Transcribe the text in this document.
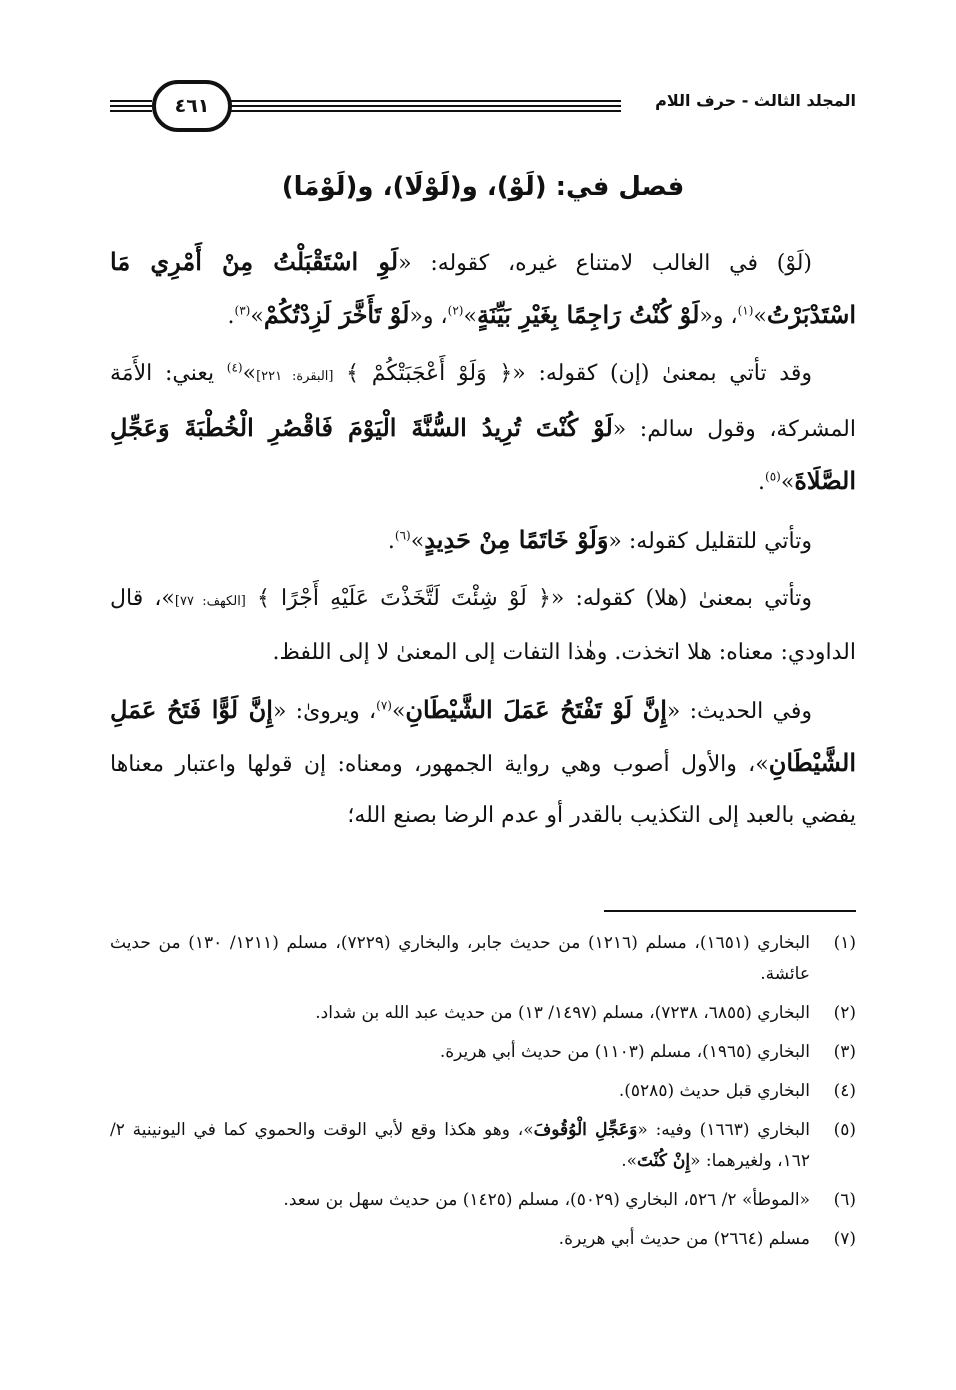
المجلد الثالث - حرف اللام
٤٦١
فصل في: (لَوْ)، و(لَوْلَا)، و(لَوْمَا)

(لَوْ) في الغالب لامتناع غيره، كقوله: «لَوِ اسْتَقْبَلْتُ مِنْ أَمْرِي مَا اسْتَدْبَرْتُ»$^{(١)}$، و«لَوْ كُنْتُ رَاجِمًا بِغَيْرِ بَيِّنَةٍ»$^{(٢)}$، و«لَوْ تَأَخَّرَ لَزِدْتُكُمْ»$^{(٣)}$.

وقد تأتي بمعنىٰ (إن) كقوله: «﴿ وَلَوْ أَعْجَبَتْكُمْ ﴾ [البقرة: ٢٢١]»$^{(٤)}$ يعني: الأَمَة المشركة، وقول سالم: «لَوْ كُنْتَ تُرِيدُ السُّنَّةَ الْيَوْمَ فَاقْصُرِ الْخُطْبَةَ وَعَجِّلِ الصَّلَاةَ»$^{(٥)}$.

وتأتي للتقليل كقوله: «وَلَوْ خَاتَمًا مِنْ حَدِيدٍ»$^{(٦)}$.

وتأتي بمعنىٰ (هلا) كقوله: «﴿ لَوْ شِئْتَ لَتَّخَذْتَ عَلَيْهِ أَجْرًا ﴾ [الكهف: ٧٧]»، قال الداودي: معناه: هلا اتخذت. وهٰذا التفات إلى المعنىٰ لا إلى اللفظ.

وفي الحديث: «إِنَّ لَوْ تَفْتَحُ عَمَلَ الشَّيْطَانِ»$^{(٧)}$، ويروىٰ: «إِنَّ لَوًّا فَتَحُ عَمَلِ الشَّيْطَانِ»، والأول أصوب وهي رواية الجمهور، ومعناه: إن قولها واعتبار معناها يفضي بالعبد إلى التكذيب بالقدر أو عدم الرضا بصنع الله؛

(١)
البخاري (١٦٥١)، مسلم (١٢١٦) من حديث جابر، والبخاري (٧٢٢٩)، مسلم (١٢١١/ ١٣٠) من حديث عائشة.
(٢)
البخاري (٦٨٥٥، ٧٢٣٨)، مسلم (١٤٩٧/ ١٣) من حديث عبد الله بن شداد.
(٣)
البخاري (١٩٦٥)، مسلم (١١٠٣) من حديث أبي هريرة.
(٤)
البخاري قبل حديث (٥٢٨٥).
(٥)
البخاري (١٦٦٣) وفيه: «وَعَجِّلِ الْوُقُوفَ»، وهو هكذا وقع لأبي الوقت والحموي كما في اليونينية ٢/ ١٦٢، ولغيرهما: «إِنْ كُنْتَ».
(٦)
«الموطأ» ٢/ ٥٢٦، البخاري (٥٠٢٩)، مسلم (١٤٢٥) من حديث سهل بن سعد.
(٧)
مسلم (٢٦٦٤) من حديث أبي هريرة.
